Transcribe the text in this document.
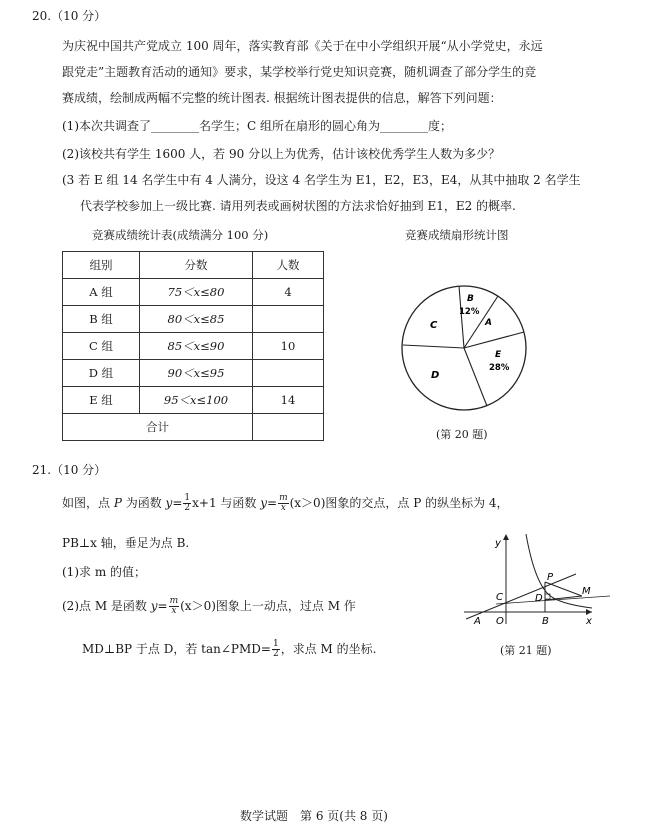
20.（10 分）
为庆祝中国共产党成立 100 周年，落实教育部《关于在中小学组织开展“从小学党史，永远
跟党走”主题教育活动的通知》要求，某学校举行党史知识竞赛，随机调查了部分学生的竞
赛成绩，绘制成两幅不完整的统计图表. 根据统计图表提供的信息，解答下列问题：
(1)本次共调查了________名学生；C 组所在扇形的圆心角为________度；
(2)该校共有学生 1600 人，若 90 分以上为优秀，估计该校优秀学生人数为多少？
(3 若 E 组 14 名学生中有 4 人满分，设这 4 名学生为 E1，E2，E3，E4，从其中抽取 2 名学生
代表学校参加上一级比赛. 请用列表或画树状图的方法求恰好抽到 E1，E2 的概率.
竞赛成绩统计表(成绩满分 100 分)	竞赛成绩扇形统计图
组别	分数	人数
A 组	75＜x≤80	4
B 组	80＜x≤85	
C 组	85＜x≤90	10
D 组	90＜x≤95	
E 组	95＜x≤100	14
合计		
B
12%
A
E
28%
D
C
(第 20 题)
21.（10 分）
如图，点 P 为函数 $y= \frac{1}{2} x+1$ 与函数 $y= \frac{m}{x} (x>0)$图象的交点，点 P 的纵坐标为 4，
PB⊥x 轴，垂足为点 B.
(1)求 m 的值；
(2)点 M 是函数 $y= \frac{m}{x} (x>0)$图象上一动点，过点 M 作
MD⊥BP 于点 D，若 tan∠PMD= $\frac{1}{2}$ ，求点 M 的坐标.
y
x
P
M
C	D
A O	B
(第 21 题)
数学试题　第 6 页(共 8 页)
